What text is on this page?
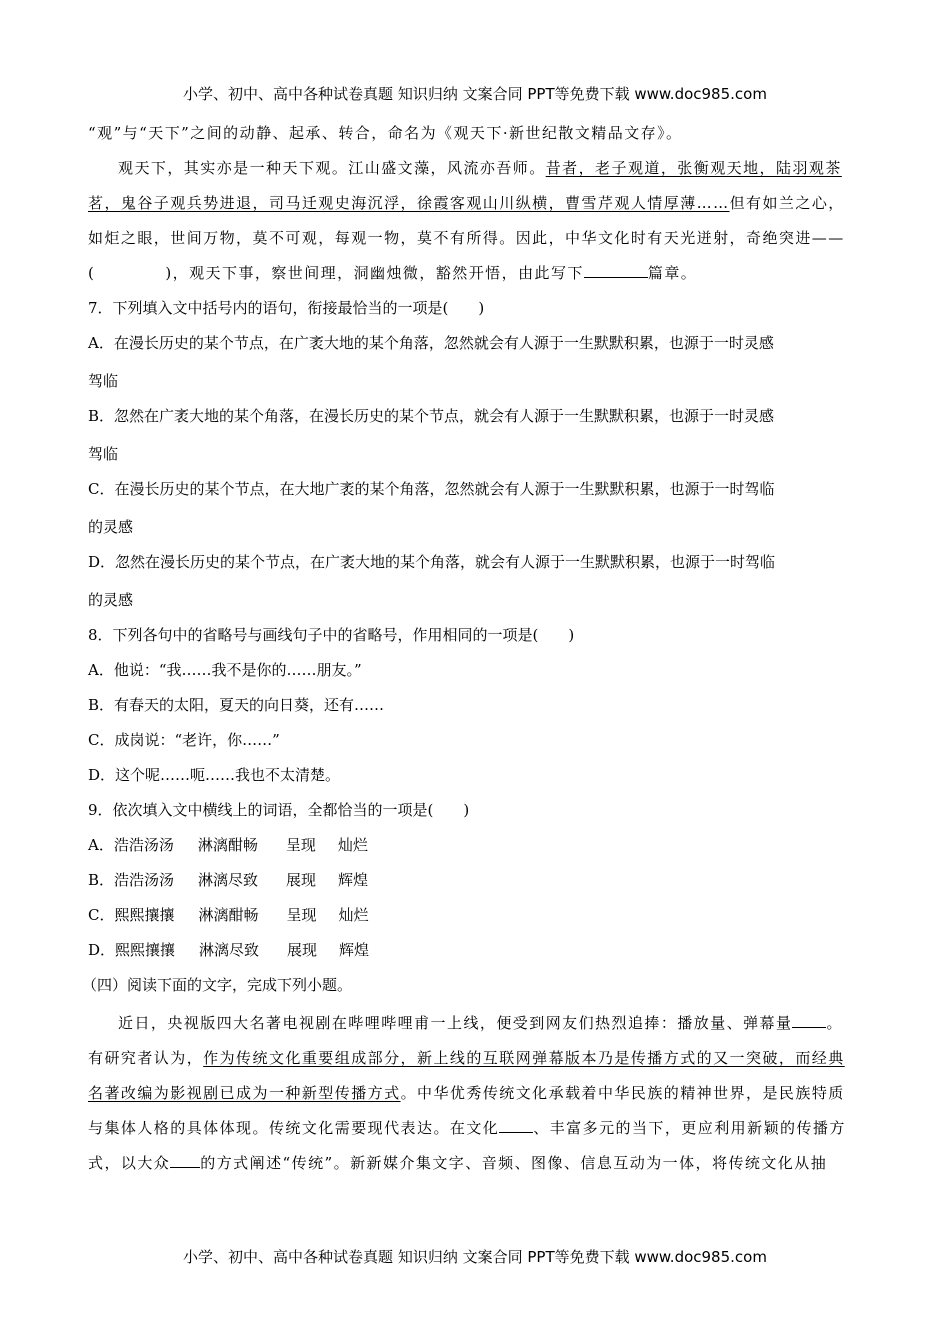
小学、初中、高中各种试卷真题 知识归纳 文案合同 PPT等免费下载 www.doc985.com
“观”与“天下”之间的动静、起承、转合，命名为《观天下·新世纪散文精品文存》。
观天下，其实亦是一种天下观。江山盛文藻，风流亦吾师。昔者，老子观道，张衡观天地，陆羽观茶
茗，鬼谷子观兵势进退，司马迁观史海沉浮，徐霞客观山川纵横，曹雪芹观人情厚薄……但有如兰之心，
如炬之眼，世间万物，莫不可观，每观一物，莫不有所得。因此，中华文化时有天光迸射，奇绝突进——
(	)，观天下事，察世间理，洞幽烛微，豁然开悟，由此写下	篇章。
7．下列填入文中括号内的语句，衔接最恰当的一项是(　　)
A．在漫长历史的某个节点，在广袤大地的某个角落，忽然就会有人源于一生默默积累，也源于一时灵感
驾临
B．忽然在广袤大地的某个角落，在漫长历史的某个节点，就会有人源于一生默默积累，也源于一时灵感
驾临
C．在漫长历史的某个节点，在大地广袤的某个角落，忽然就会有人源于一生默默积累，也源于一时驾临
的灵感
D．忽然在漫长历史的某个节点，在广袤大地的某个角落，就会有人源于一生默默积累，也源于一时驾临
的灵感
8．下列各句中的省略号与画线句子中的省略号，作用相同的一项是(　　)
A．他说：“我……我不是你的……朋友。”
B．有春天的太阳，夏天的向日葵，还有……
C．成岗说：“老许，你……”
D．这个呢……呃……我也不太清楚。
9．依次填入文中横线上的词语，全都恰当的一项是(　　)
A．浩浩汤汤 淋漓酣畅 呈现 灿烂
B．浩浩汤汤 淋漓尽致 展现 辉煌
C．熙熙攘攘 淋漓酣畅 呈现 灿烂
D．熙熙攘攘 淋漓尽致 展现 辉煌
（四）阅读下面的文字，完成下列小题。
近日，央视版四大名著电视剧在哔哩哔哩甫一上线，便受到网友们热烈追捧：播放量、弹幕量 。
有研究者认为，作为传统文化重要组成部分，新上线的互联网弹幕版本乃是传播方式的又一突破，而经典
名著改编为影视剧已成为一种新型传播方式。中华优秀传统文化承载着中华民族的精神世界，是民族特质
与集体人格的具体体现。传统文化需要现代表达。在文化 、丰富多元的当下，更应利用新颖的传播方
式，以大众 的方式阐述“传统”。新新媒介集文字、音频、图像、信息互动为一体，将传统文化从抽
小学、初中、高中各种试卷真题 知识归纳 文案合同 PPT等免费下载 www.doc985.com
